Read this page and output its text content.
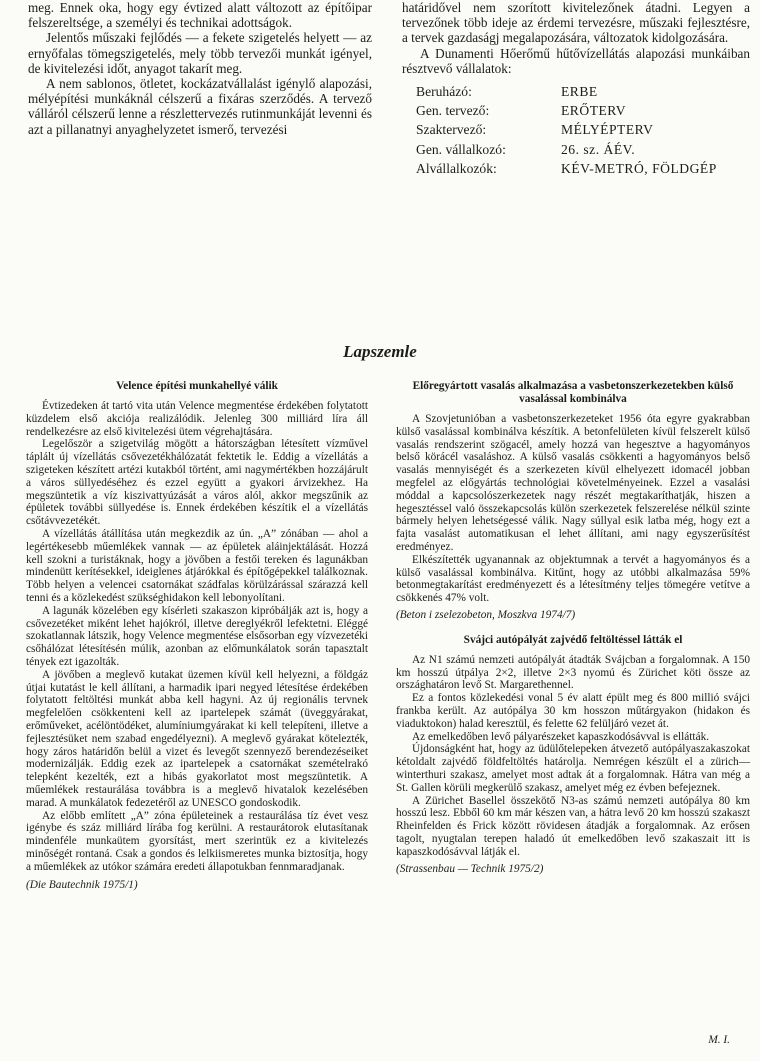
meg. Ennek oka, hogy egy évtized alatt változott az építőipar felszereltsége, a személyi és technikai adottságok.

Jelentős műszaki fejlődés — a fekete szigetelés helyett — az ernyőfalas tömegszigetelés, mely több tervezői munkát igényel, de kivitelezési időt, anyagot takarít meg.

A nem sablonos, ötletet, kockázatvállalást igénylő alapozási, mélyépítési munkáknál célszerű a fixáras szerződés. A tervező válláról célszerű lenne a részlettervezés rutinmunkáját levenni és azt a pillanatnyi anyaghelyzetet ismerő, tervezési

határidővel nem szorított kivitelezőnek átadni. Legyen a tervezőnek több ideje az érdemi tervezésre, műszaki fejlesztésre, a tervek gazdaságj megalapozására, változatok kidolgozására.

A Dunamenti Hőerőmű hűtővízellátás alapozási munkáiban résztvevő vállalatok:

Beruházó:	ERBE
Gen. tervező:	ERŐTERV
Szaktervező:	MÉLYÉPTERV
Gen. vállalkozó:	26. sz. ÁÉV.
Alvállalkozók:	KÉV-METRÓ, FÖLDGÉP
Lapszemle
Velence építési munkahellyé válik

Évtizedeken át tartó vita után Velence megmentése érdekében folytatott küzdelem első akciója realizálódik. Jelenleg 300 milliárd líra áll rendelkezésre az első kivitelezési ütem végrehajtására.

Legelőször a szigetvilág mögött a hátországban létesített vízművel táplált új vízellátás csővezetékhálózatát fektetik le. Eddig a vízellátás a szigeteken készített artézi kutakból történt, ami nagymértékben hozzájárult a város süllyedéséhez és ezzel együtt a gyakori árvizekhez. Ha megszüntetik a víz kiszivattyúzását a város alól, akkor megszűnik az épületek további süllyedése is. Ennek érdekében készítik el a vízellátás csőtávvezetékét.

A vízellátás átállítása után megkezdik az ún. „A” zónában — ahol a legértékesebb műemlékek vannak — az épületek aláinjektálását. Hozzá kell szokni a turistáknak, hogy a jövőben a festői tereken és lagunákban mindenütt kerítésekkel, ideiglenes átjárókkal és építőgépekkel találkoznak. Több helyen a velencei csatornákat szádfalas körülzárással szárazzá kell tenni és a közlekedést szükséghidakon kell lebonyolítani.

A lagunák közelében egy kísérleti szakaszon kipróbálják azt is, hogy a csővezetéket miként lehet hajókról, illetve dereglyékről lefektetni. Eléggé szokatlannak látszik, hogy Velence megmentése elsősorban egy vízvezetéki csőhálózat létesítésén múlik, azonban az előmunkálatok során tapasztalt tények ezt igazolták.

A jövőben a meglevő kutakat üzemen kívül kell helyezni, a földgáz útjai kutatást le kell állítani, a harmadik ipari negyed létesítése érdekében folytatott feltöltési munkát abba kell hagyni. Az új regionális tervnek megfelelően csökkenteni kell az ipartelepek számát (üveggyárakat, erőműveket, acélöntödéket, alumíniumgyárakat ki kell telepíteni, illetve a fejlesztésüket nem szabad engedélyezni). A meglevő gyárakat kötelezték, hogy záros határidőn belül a vizet és levegőt szennyező berendezéseiket modernizálják. Eddig ezek az ipartelepek a csatornákat szemételrakó telepként kezelték, ezt a hibás gyakorlatot most megszüntetik. A műemlékek restaurálása továbbra is a meglevő hivatalok kezelésében marad. A munkálatok fedezetéről az UNESCO gondoskodik.

Az előbb említett „A” zóna épületeinek a restaurálása tíz évet vesz igénybe és száz milliárd lírába fog kerülni. A restaurátorok elutasítanak mindenféle munkaütem gyorsítást, mert szerintük ez a kivitelezés minőségét rontaná. Csak a gondos és lelkiismeretes munka biztosítja, hogy a műemlékek az utókor számára eredeti állapotukban fennmaradjanak.

(Die Bautechnik 1975/1)

Előregyártott vasalás alkalmazása a vasbetonszerkezetekben külső vasalással kombinálva

A Szovjetunióban a vasbetonszerkezeteket 1956 óta egyre gyakrabban külső vasalással kombinálva készítik. A betonfelületen kívül felszerelt külső vasalás rendszerint szögacél, amely hozzá van hegesztve a hagyományos belső körácél vasaláshoz. A külső vasalás csökkenti a hagyományos belső vasalás mennyiségét és a szerkezeten kívül elhelyezett idomacél jobban megfelel az előgyártás technológiai követelményeinek. Ezzel a vasalási móddal a kapcsolószerkezetek nagy részét megtakaríthatják, hiszen a hegesztéssel való összekapcsolás külön szerkezetek felszerelése nélkül szinte bármely helyen lehetségessé válik. Nagy súllyal esik latba még, hogy ezt a fajta vasalást automatikusan el lehet állítani, ami nagy egyszerűsítést eredményez.

Elkészítették ugyanannak az objektumnak a tervét a hagyományos és a külső vasalással kombinálva. Kitűnt, hogy az utóbbi alkalmazása 59% betonmegtakarítást eredményezett és a létesítmény teljes tömegére vetítve a csökkenés 47% volt.

(Beton i zselezobeton, Moszkva 1974/7)

Svájci autópályát zajvédő feltöltéssel látták el

Az N1 számú nemzeti autópályát átadták Svájcban a forgalomnak. A 150 km hosszú útpálya 2×2, illetve 2×3 nyomú és Zürichet köti össze az országhatáron levő St. Margarethennel.

Ez a fontos közlekedési vonal 5 év alatt épült meg és 800 millió svájci frankba került. Az autópálya 30 km hosszon műtárgyakon (hidakon és viaduktokon) halad keresztül, és felette 62 felüljáró vezet át.

Az emelkedőben levő pályarészeket kapaszkodósávval is ellátták.

Újdonságként hat, hogy az üdülőtelepeken átvezető autópályaszakaszokat kétoldalt zajvédő földfeltöltés határolja. Nemrégen készült el a zürich—winterthuri szakasz, amelyet most adtak át a forgalomnak. Hátra van még a St. Gallen körüli megkerülő szakasz, amelyet még ez évben befejeznek.

A Zürichet Basellel összekötő N3-as számú nemzeti autópálya 80 km hosszú lesz. Ebből 60 km már készen van, a hátra levő 20 km hosszú szakaszt Rheinfelden és Frick között rövidesen átadják a forgalomnak. Az erősen tagolt, nyugtalan terepen haladó út emelkedőben levő szakaszait itt is kapaszkodósávval látják el.

(Strassenbau — Technik 1975/2)

M. I.
